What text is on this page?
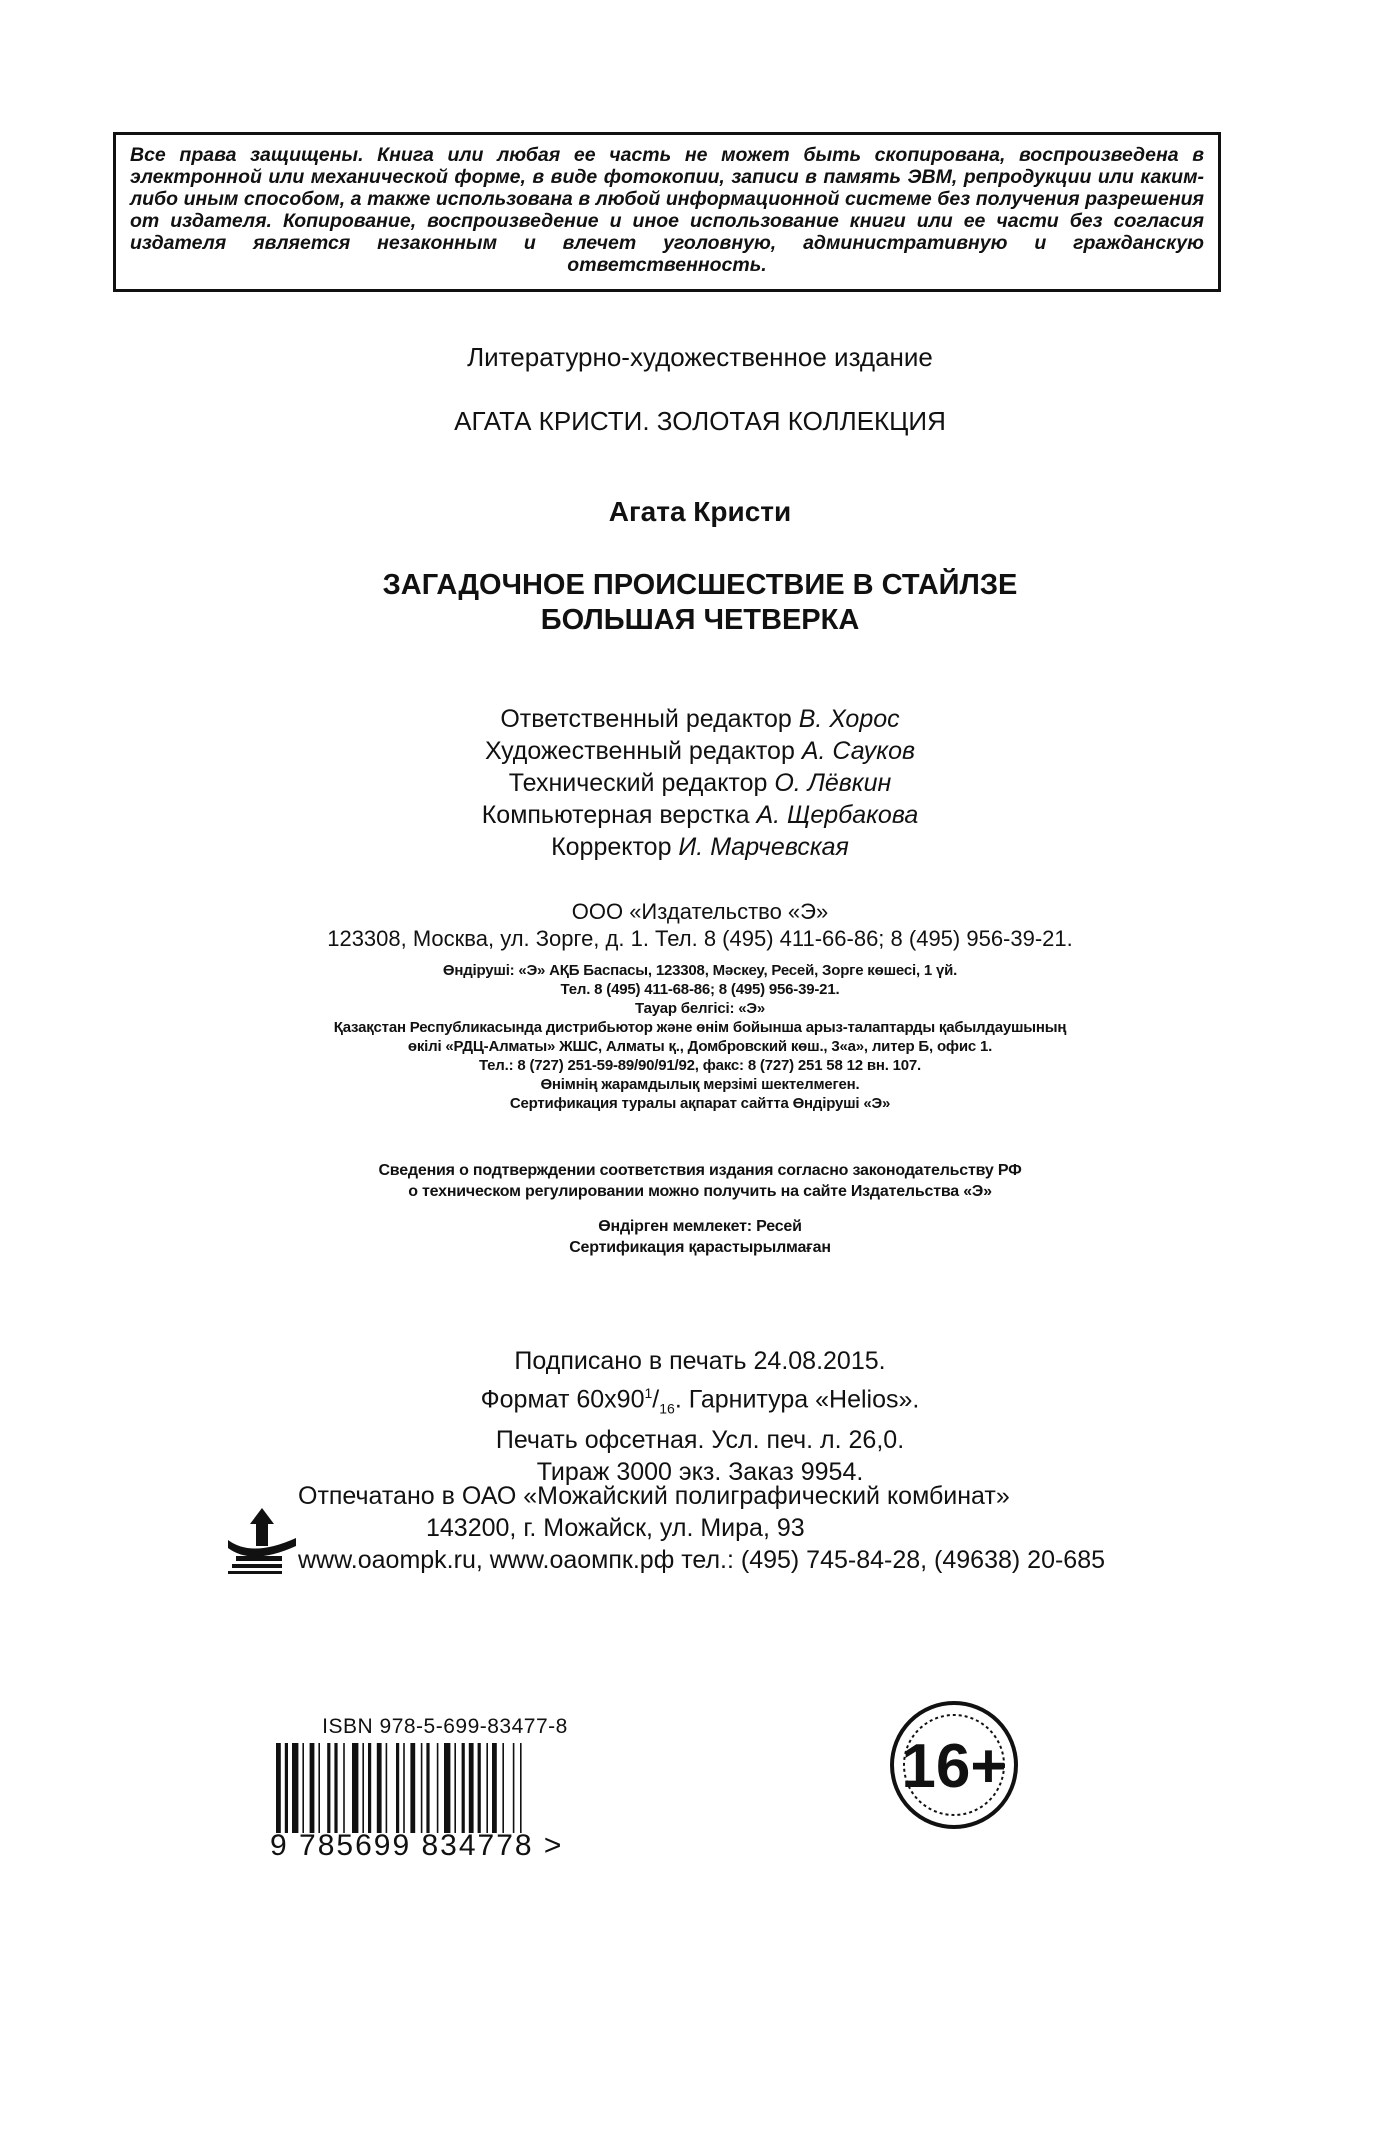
Все права защищены. Книга или любая ее часть не может быть скопирована, воспроизведена в электронной или механической форме, в виде фотокопии, записи в память ЭВМ, репродукции или каким-либо иным способом, а также использована в любой информационной системе без получения разрешения от издателя. Копирование, воспроизведение и иное использование книги или ее части без согласия издателя является незаконным и влечет уголовную, административную и гражданскую ответственность.
Литературно-художественное издание
АГАТА КРИСТИ. ЗОЛОТАЯ КОЛЛЕКЦИЯ
Агата Кристи
ЗАГАДОЧНОЕ ПРОИСШЕСТВИЕ В СТАЙЛЗЕ
БОЛЬШАЯ ЧЕТВЕРКА
Ответственный редактор В. Хорос
Художественный редактор А. Сауков
Технический редактор О. Лёвкин
Компьютерная верстка А. Щербакова
Корректор И. Марчевская
ООО «Издательство «Э»
123308, Москва, ул. Зорге, д. 1. Тел. 8 (495) 411-66-86; 8 (495) 956-39-21.
Өндіруші: «Э» АҚБ Баспасы, 123308, Мәскеу, Ресей, Зорге көшесі, 1 үй.
Тел. 8 (495) 411-68-86; 8 (495) 956-39-21.
Тауар белгісі: «Э»
Қазақстан Республикасында дистрибьютор және өнім бойынша арыз-талаптарды қабылдаушының
өкілі «РДЦ-Алматы» ЖШС, Алматы қ., Домбровский көш., 3«а», литер Б, офис 1.
Тел.: 8 (727) 251-59-89/90/91/92, факс: 8 (727) 251 58 12 вн. 107.
Өнімнің жарамдылық мерзімі шектелмеген.
Сертификация туралы ақпарат сайтта Өндіруші «Э»
Сведения о подтверждении соответствия издания согласно законодательству РФ
о техническом регулировании можно получить на сайте Издательства «Э»
Өндірген мемлекет: Ресей
Сертификация қарастырылмаған
Подписано в печать 24.08.2015.
Формат $60х90^1/_{16}$. Гарнитура «Helios».
Печать офсетная. Усл. печ. л. 26,0.
Тираж 3000 экз. Заказ 9954.
Отпечатано в ОАО «Можайский полиграфический комбинат»
143200, г. Можайск, ул. Мира, 93
www.oaompk.ru, www.оаомпк.рф тел.: (495) 745-84-28, (49638) 20-685
ISBN 978-5-699-83477-8
9 785699 834778 >
16+
